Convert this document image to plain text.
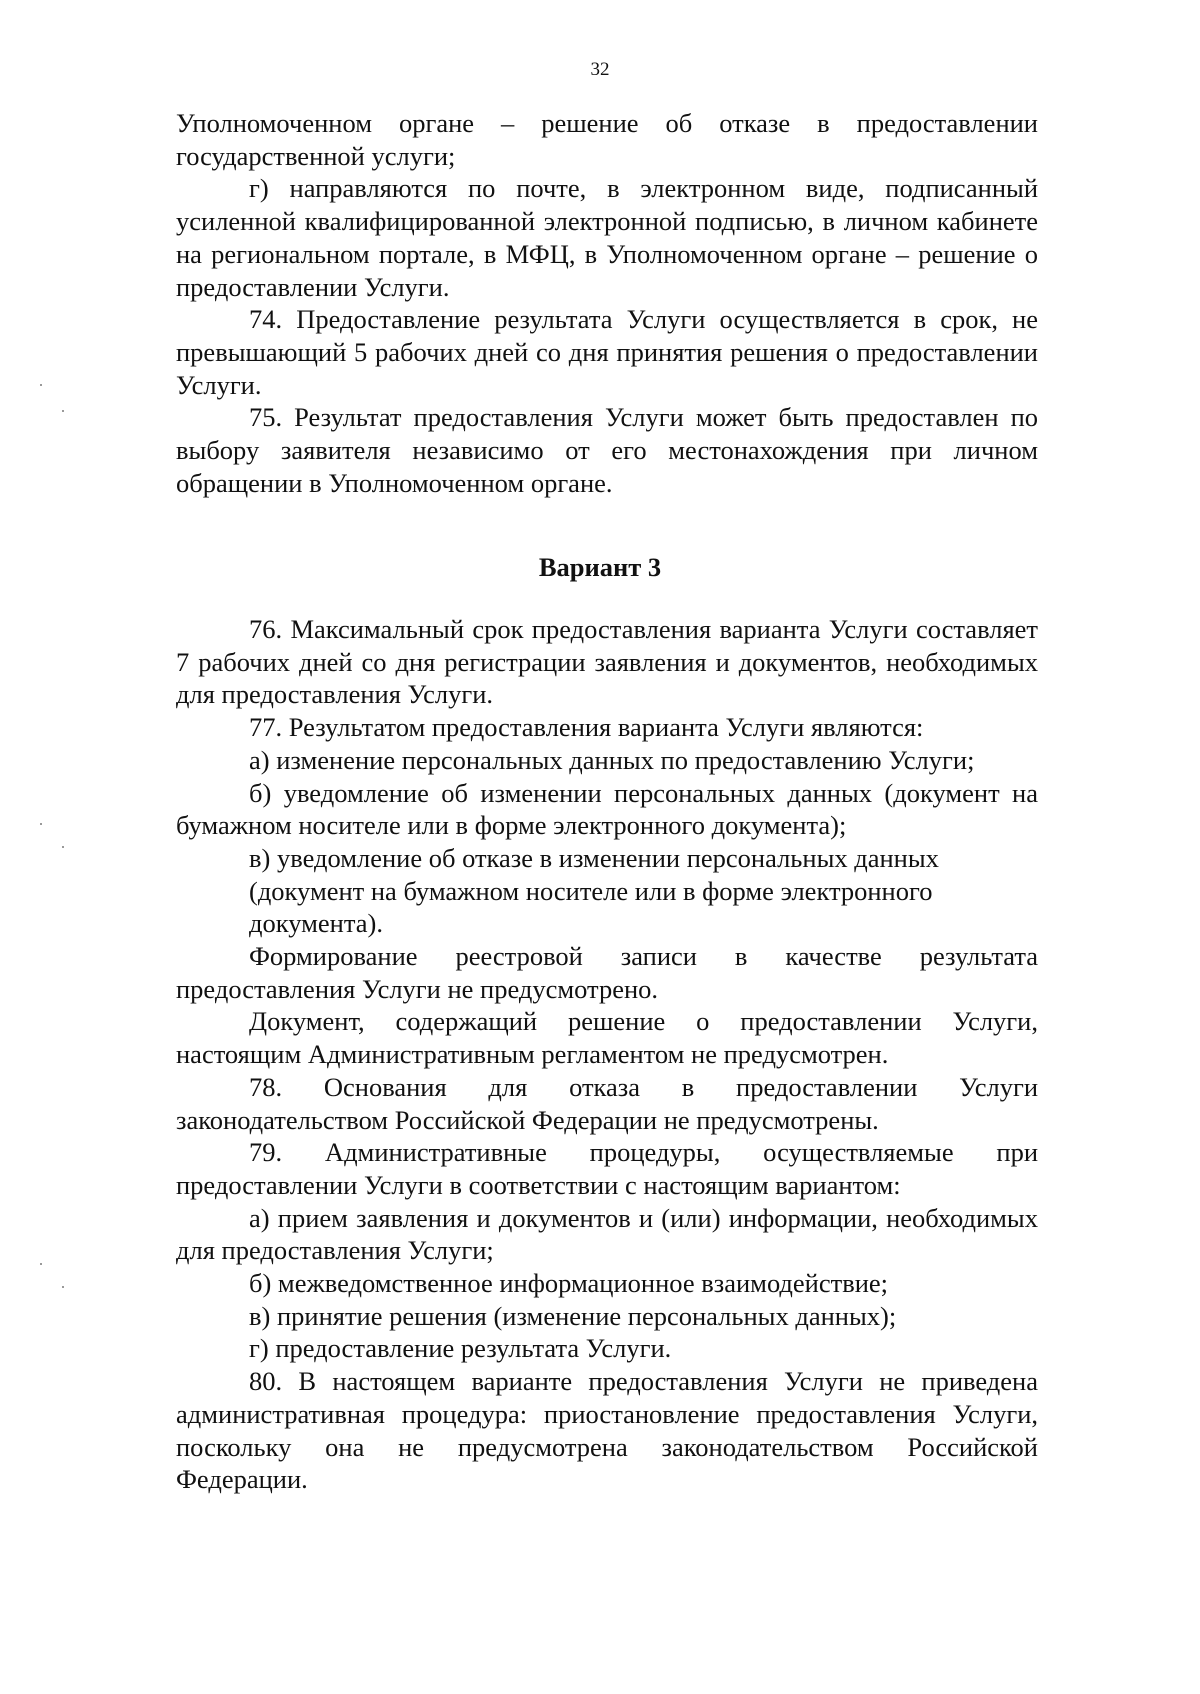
32

Уполномоченном органе – решение об отказе в предоставлении государственной услуги;

г) направляются по почте, в электронном виде, подписанный усиленной квалифицированной электронной подписью, в личном кабинете на региональном портале, в МФЦ, в Уполномоченном органе – решение о предоставлении Услуги.

74. Предоставление результата Услуги осуществляется в срок, не превышающий 5 рабочих дней со дня принятия решения о предоставлении Услуги.

75. Результат предоставления Услуги может быть предоставлен по выбору заявителя независимо от его местонахождения при личном обращении в Уполномоченном органе.

Вариант 3

76. Максимальный срок предоставления варианта Услуги составляет 7 рабочих дней со дня регистрации заявления и документов, необходимых для предоставления Услуги.

77. Результатом предоставления варианта Услуги являются:

а) изменение персональных данных по предоставлению Услуги;

б) уведомление об изменении персональных данных (документ на бумажном носителе или в форме электронного документа);

в) уведомление об отказе в изменении персональных данных (документ на бумажном носителе или в форме электронного документа).

Формирование реестровой записи в качестве результата предоставления Услуги не предусмотрено.

Документ, содержащий решение о предоставлении Услуги, настоящим Административным регламентом не предусмотрен.

78. Основания для отказа в предоставлении Услуги законодательством Российской Федерации не предусмотрены.

79. Административные процедуры, осуществляемые при предоставлении Услуги в соответствии с настоящим вариантом:

а) прием заявления и документов и (или) информации, необходимых для предоставления Услуги;

б) межведомственное информационное взаимодействие;

в) принятие решения (изменение персональных данных);

г) предоставление результата Услуги.

80. В настоящем варианте предоставления Услуги не приведена административная процедура: приостановление предоставления Услуги, поскольку она не предусмотрена законодательством Российской Федерации.
